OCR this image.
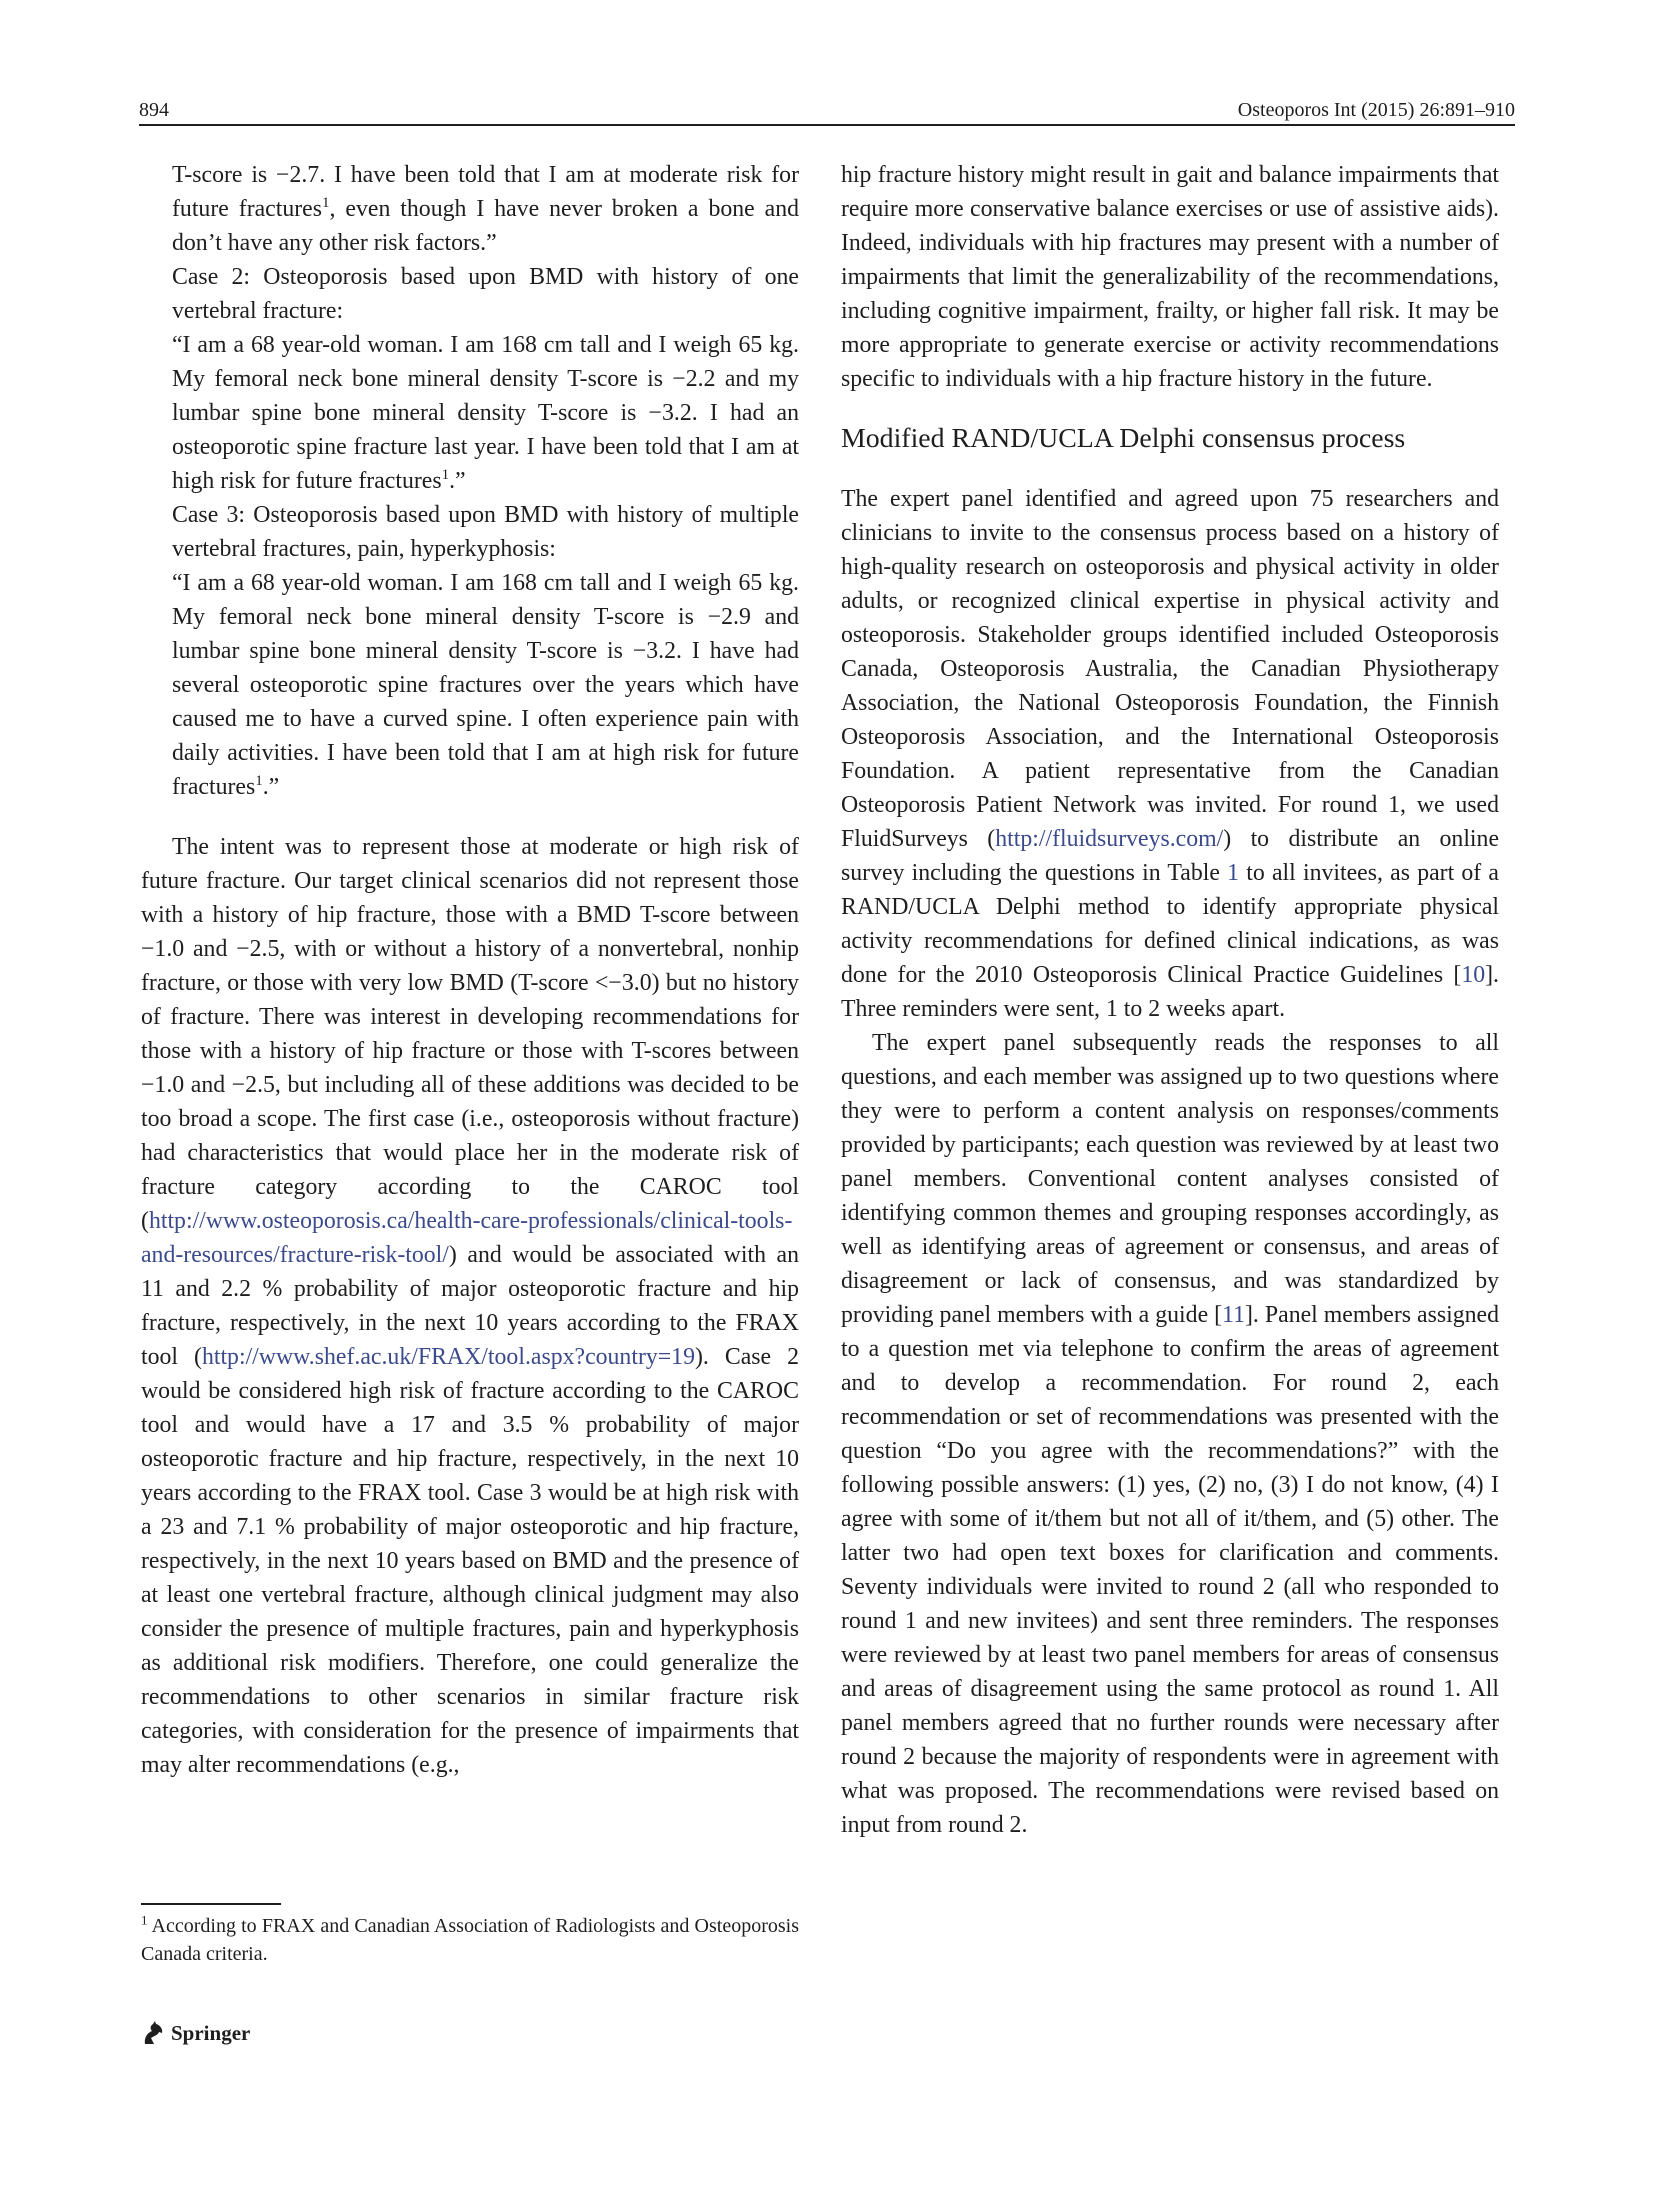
894	Osteoporos Int (2015) 26:891–910

T-score is −2.7. I have been told that I am at moderate risk for future fractures$^1$, even though I have never broken a bone and don’t have any other risk factors.”

Case 2: Osteoporosis based upon BMD with history of one vertebral fracture:

“I am a 68 year-old woman. I am 168 cm tall and I weigh 65 kg. My femoral neck bone mineral density T-score is −2.2 and my lumbar spine bone mineral density T-score is −3.2. I had an osteoporotic spine fracture last year. I have been told that I am at high risk for future fractures$^1$.”

Case 3: Osteoporosis based upon BMD with history of multiple vertebral fractures, pain, hyperkyphosis:

“I am a 68 year-old woman. I am 168 cm tall and I weigh 65 kg. My femoral neck bone mineral density T-score is −2.9 and lumbar spine bone mineral density T-score is −3.2. I have had several osteoporotic spine fractures over the years which have caused me to have a curved spine. I often experience pain with daily activities. I have been told that I am at high risk for future fractures$^1$.”

The intent was to represent those at moderate or high risk of future fracture. Our target clinical scenarios did not represent those with a history of hip fracture, those with a BMD T-score between −1.0 and −2.5, with or without a history of a nonvertebral, nonhip fracture, or those with very low BMD (T-score <−3.0) but no history of fracture. There was interest in developing recommendations for those with a history of hip fracture or those with T-scores between −1.0 and −2.5, but including all of these additions was decided to be too broad a scope. The first case (i.e., osteoporosis without fracture) had characteristics that would place her in the moderate risk of fracture category according to the CAROC tool (http://www.osteoporosis.ca/health-care-professionals/clinical-tools-and-resources/fracture-risk-tool/) and would be associated with an 11 and 2.2 % probability of major osteoporotic fracture and hip fracture, respectively, in the next 10 years according to the FRAX tool (http://www.shef.ac.uk/FRAX/tool.aspx?country=19). Case 2 would be considered high risk of fracture according to the CAROC tool and would have a 17 and 3.5 % probability of major osteoporotic fracture and hip fracture, respectively, in the next 10 years according to the FRAX tool. Case 3 would be at high risk with a 23 and 7.1 % probability of major osteoporotic and hip fracture, respectively, in the next 10 years based on BMD and the presence of at least one vertebral fracture, although clinical judgment may also consider the presence of multiple fractures, pain and hyperkyphosis as additional risk modifiers. Therefore, one could generalize the recommendations to other scenarios in similar fracture risk categories, with consideration for the presence of impairments that may alter recommendations (e.g.,

hip fracture history might result in gait and balance impairments that require more conservative balance exercises or use of assistive aids). Indeed, individuals with hip fractures may present with a number of impairments that limit the generalizability of the recommendations, including cognitive impairment, frailty, or higher fall risk. It may be more appropriate to generate exercise or activity recommendations specific to individuals with a hip fracture history in the future.

Modified RAND/UCLA Delphi consensus process

The expert panel identified and agreed upon 75 researchers and clinicians to invite to the consensus process based on a history of high-quality research on osteoporosis and physical activity in older adults, or recognized clinical expertise in physical activity and osteoporosis. Stakeholder groups identified included Osteoporosis Canada, Osteoporosis Australia, the Canadian Physiotherapy Association, the National Osteoporosis Foundation, the Finnish Osteoporosis Association, and the International Osteoporosis Foundation. A patient representative from the Canadian Osteoporosis Patient Network was invited. For round 1, we used FluidSurveys (http://fluidsurveys.com/) to distribute an online survey including the questions in Table 1 to all invitees, as part of a RAND/UCLA Delphi method to identify appropriate physical activity recommendations for defined clinical indications, as was done for the 2010 Osteoporosis Clinical Practice Guidelines [10]. Three reminders were sent, 1 to 2 weeks apart.

The expert panel subsequently reads the responses to all questions, and each member was assigned up to two questions where they were to perform a content analysis on responses/comments provided by participants; each question was reviewed by at least two panel members. Conventional content analyses consisted of identifying common themes and grouping responses accordingly, as well as identifying areas of agreement or consensus, and areas of disagreement or lack of consensus, and was standardized by providing panel members with a guide [11]. Panel members assigned to a question met via telephone to confirm the areas of agreement and to develop a recommendation. For round 2, each recommendation or set of recommendations was presented with the question “Do you agree with the recommendations?” with the following possible answers: (1) yes, (2) no, (3) I do not know, (4) I agree with some of it/them but not all of it/them, and (5) other. The latter two had open text boxes for clarification and comments. Seventy individuals were invited to round 2 (all who responded to round 1 and new invitees) and sent three reminders. The responses were reviewed by at least two panel members for areas of consensus and areas of disagreement using the same protocol as round 1. All panel members agreed that no further rounds were necessary after round 2 because the majority of respondents were in agreement with what was proposed. The recommendations were revised based on input from round 2.

$^1$ According to FRAX and Canadian Association of Radiologists and Osteoporosis Canada criteria.
Springer
